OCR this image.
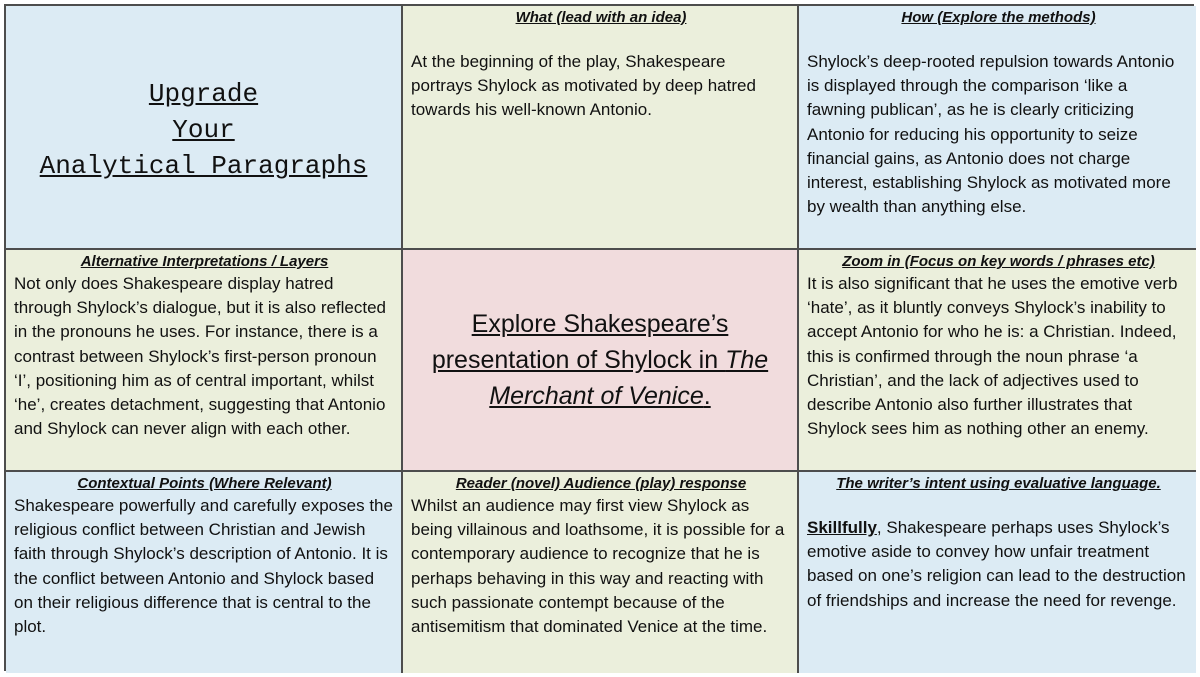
Upgrade
Your
Analytical Paragraphs

What (lead with an idea)

At the beginning of the play, Shakespeare portrays Shylock as motivated by deep hatred towards his well-known Antonio.

How (Explore the methods)

Shylock’s deep-rooted repulsion towards Antonio is displayed through the comparison ‘like a fawning publican’, as he is clearly criticizing Antonio for reducing his opportunity to seize financial gains, as Antonio does not charge interest, establishing Shylock as motivated more by wealth than anything else.

Alternative Interpretations / Layers

Not only does Shakespeare display hatred through Shylock’s dialogue, but it is also reflected in the pronouns he uses. For instance, there is a contrast between Shylock’s first-person pronoun ‘I’, positioning him as of central important, whilst ‘he’, creates detachment, suggesting that Antonio and Shylock can never align with each other.

Explore Shakespeare’s
presentation of Shylock in The
Merchant of Venice.

Zoom in (Focus on key words / phrases etc)

It is also significant that he uses the emotive verb ‘hate’, as it bluntly conveys Shylock’s inability to accept Antonio for who he is: a Christian. Indeed, this is confirmed through the noun phrase ‘a Christian’, and the lack of adjectives used to describe Antonio also further illustrates that Shylock sees him as nothing other an enemy.

Contextual Points (Where Relevant)

Shakespeare powerfully and carefully exposes the religious conflict between Christian and Jewish faith through Shylock’s description of Antonio. It is the conflict between Antonio and Shylock based on their religious difference that is central to the plot.

Reader (novel) Audience (play) response

Whilst an audience may first view Shylock as being villainous and loathsome, it is possible for a contemporary audience to recognize that he is perhaps behaving in this way and reacting with such passionate contempt because of the antisemitism that dominated Venice at the time.

The writer’s intent using evaluative language.

Skillfully, Shakespeare perhaps uses Shylock’s emotive aside to convey how unfair treatment based on one’s religion can lead to the destruction of friendships and increase the need for revenge.
